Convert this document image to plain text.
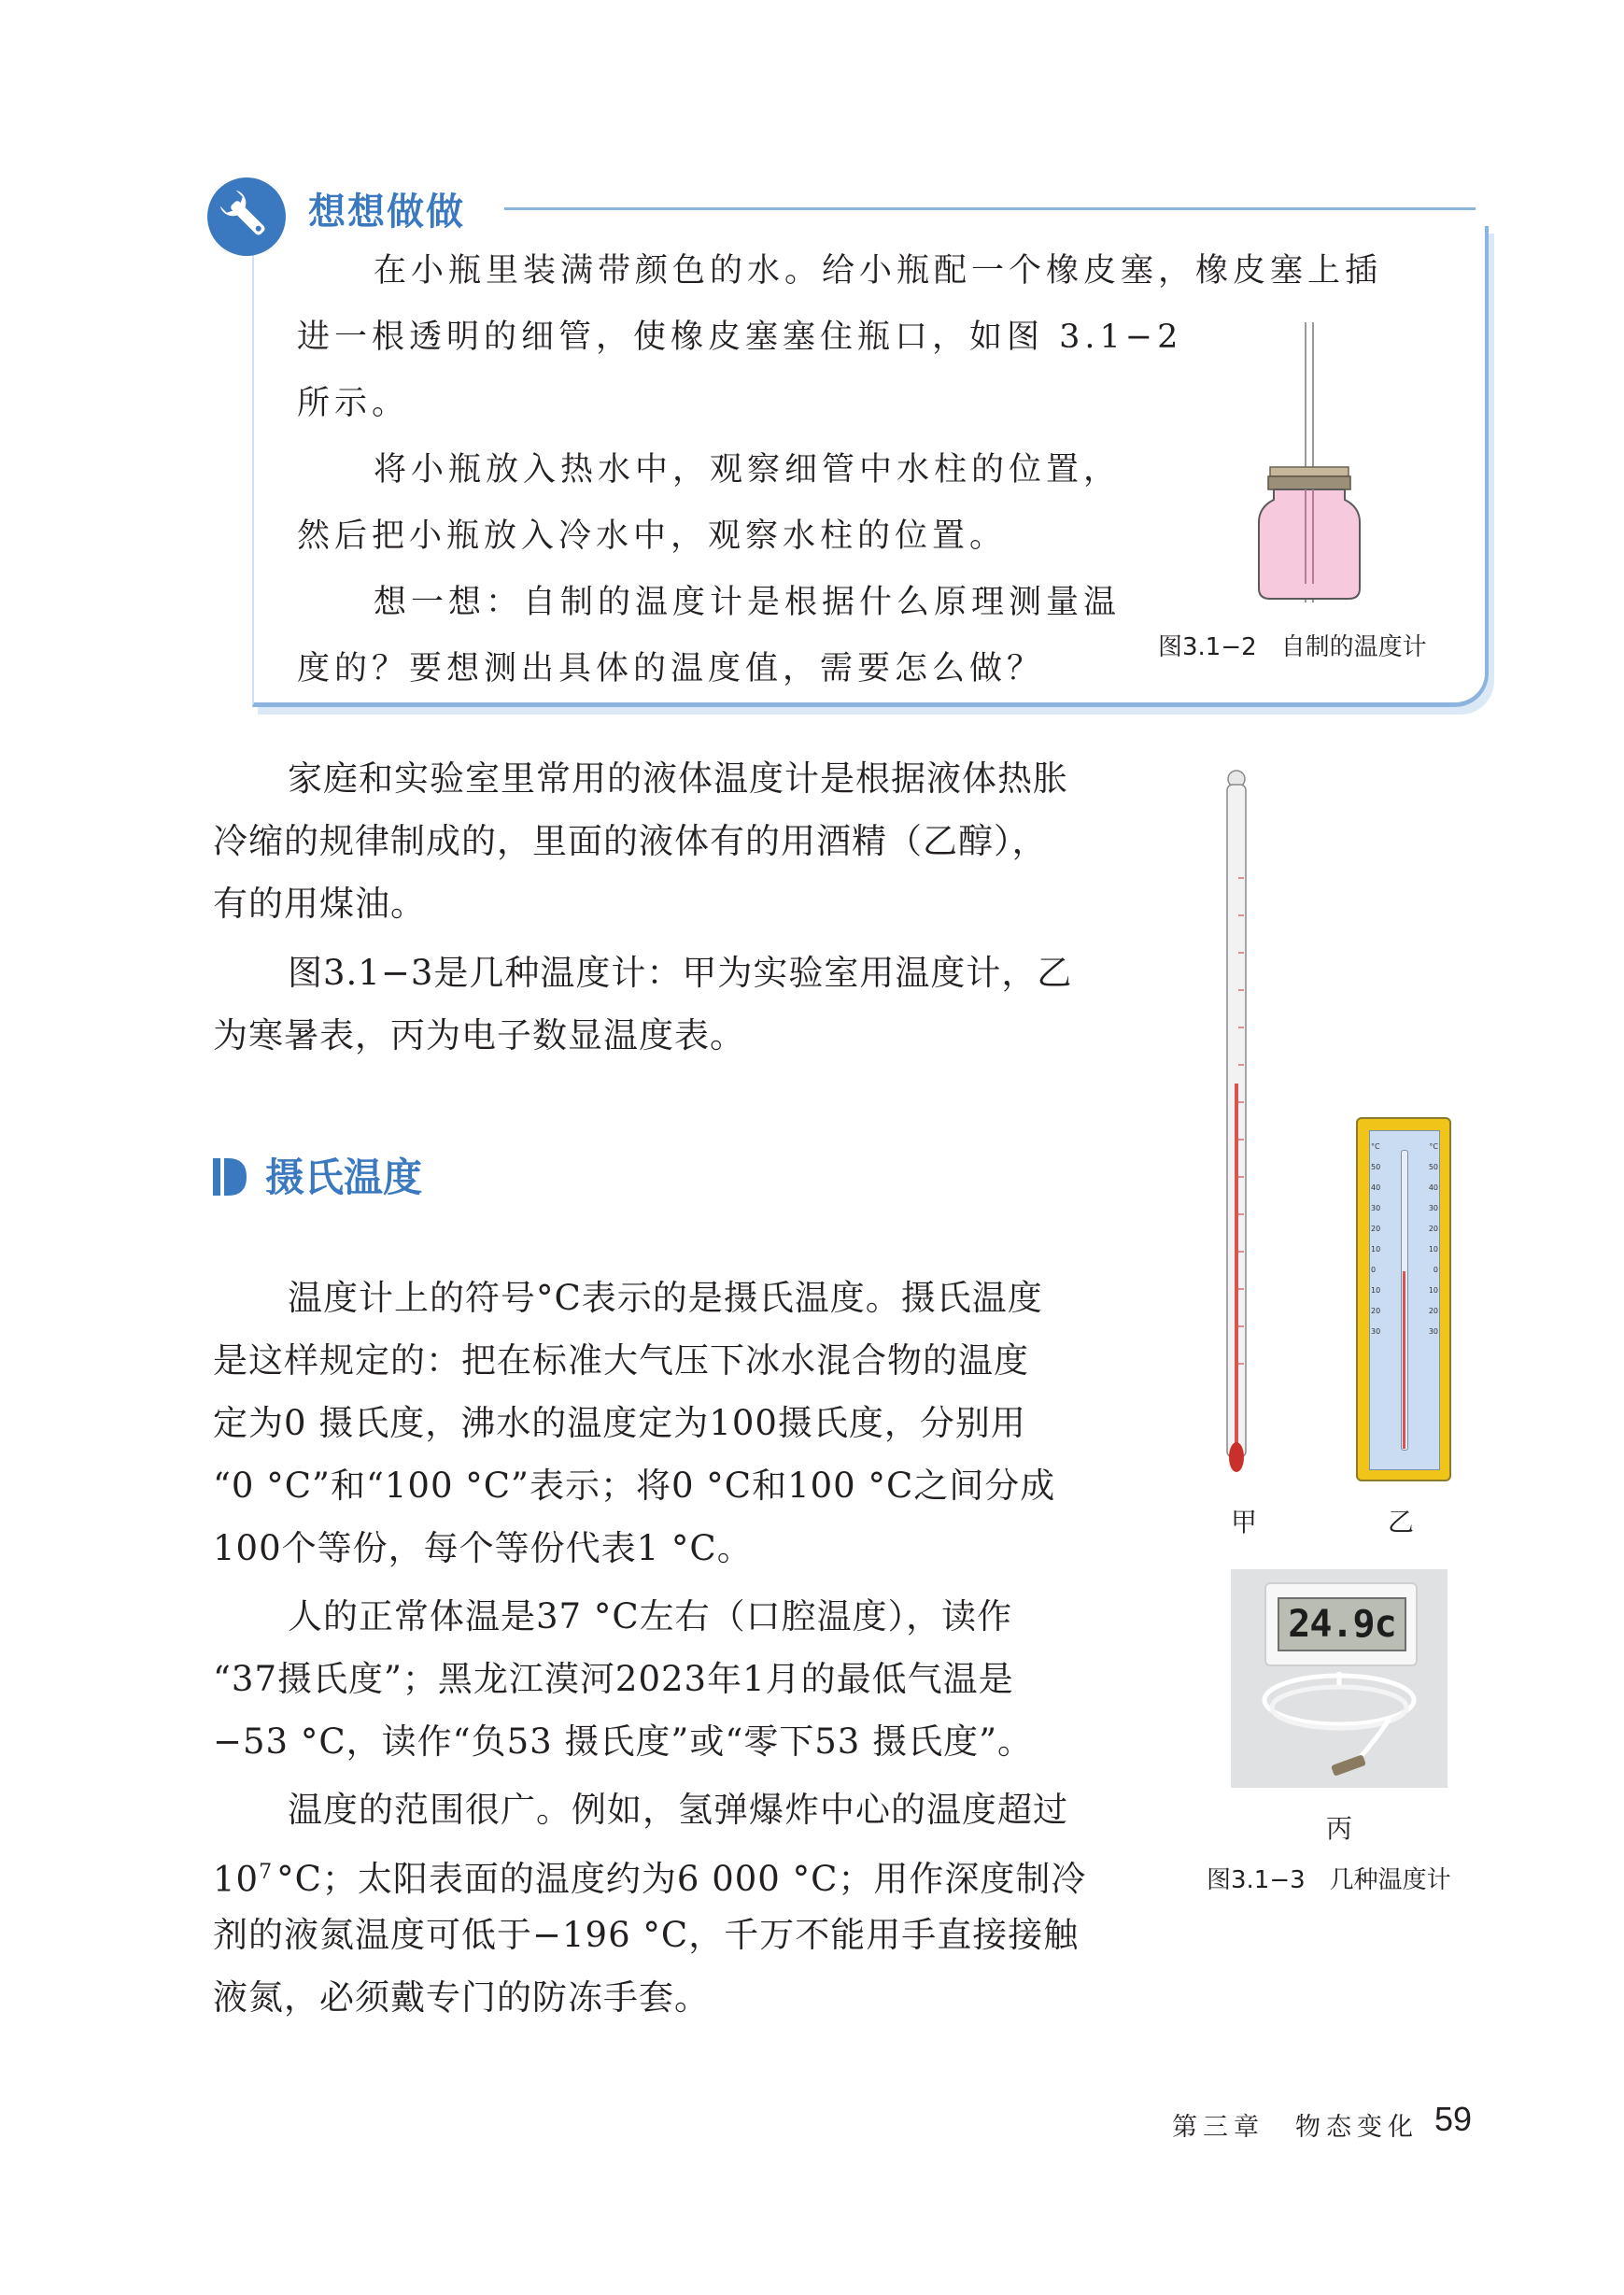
想想做做
在小瓶里装满带颜色的水。给小瓶配一个橡皮塞，橡皮塞上插
进一根透明的细管，使橡皮塞塞住瓶口，如图 3.1−2
所示。
将小瓶放入热水中，观察细管中水柱的位置，
然后把小瓶放入冷水中，观察水柱的位置。
想一想：自制的温度计是根据什么原理测量温
度的？要想测出具体的温度值，需要怎么做？
图3.1−2　自制的温度计
家庭和实验室里常用的液体温度计是根据液体热胀
冷缩的规律制成的，里面的液体有的用酒精（乙醇），
有的用煤油。
图3.1−3是几种温度计：甲为实验室用温度计，乙
为寒暑表，丙为电子数显温度表。
摄氏温度
温度计上的符号°C表示的是摄氏温度。摄氏温度
是这样规定的：把在标准大气压下冰水混合物的温度
定为0 摄氏度，沸水的温度定为100摄氏度，分别用
“0 °C”和“100 °C”表示；将0 °C和100 °C之间分成
100个等份，每个等份代表1 °C。
人的正常体温是37 °C左右（口腔温度），读作
“37摄氏度”；黑龙江漠河2023年1月的最低气温是
−53 °C，读作“负53 摄氏度”或“零下53 摄氏度”。
温度的范围很广。例如，氢弹爆炸中心的温度超过
$10^7$ °C；太阳表面的温度约为6 000 °C；用作深度制冷
剂的液氮温度可低于−196 °C，千万不能用手直接接触
液氮，必须戴专门的防冻手套。
甲
°C	°C
50	50
40	40
30	30
20	20
10	10
0	0
10	10
20	20
30	30
乙
24.9c
丙
图3.1−3　几种温度计
第三章　物态变化 59
